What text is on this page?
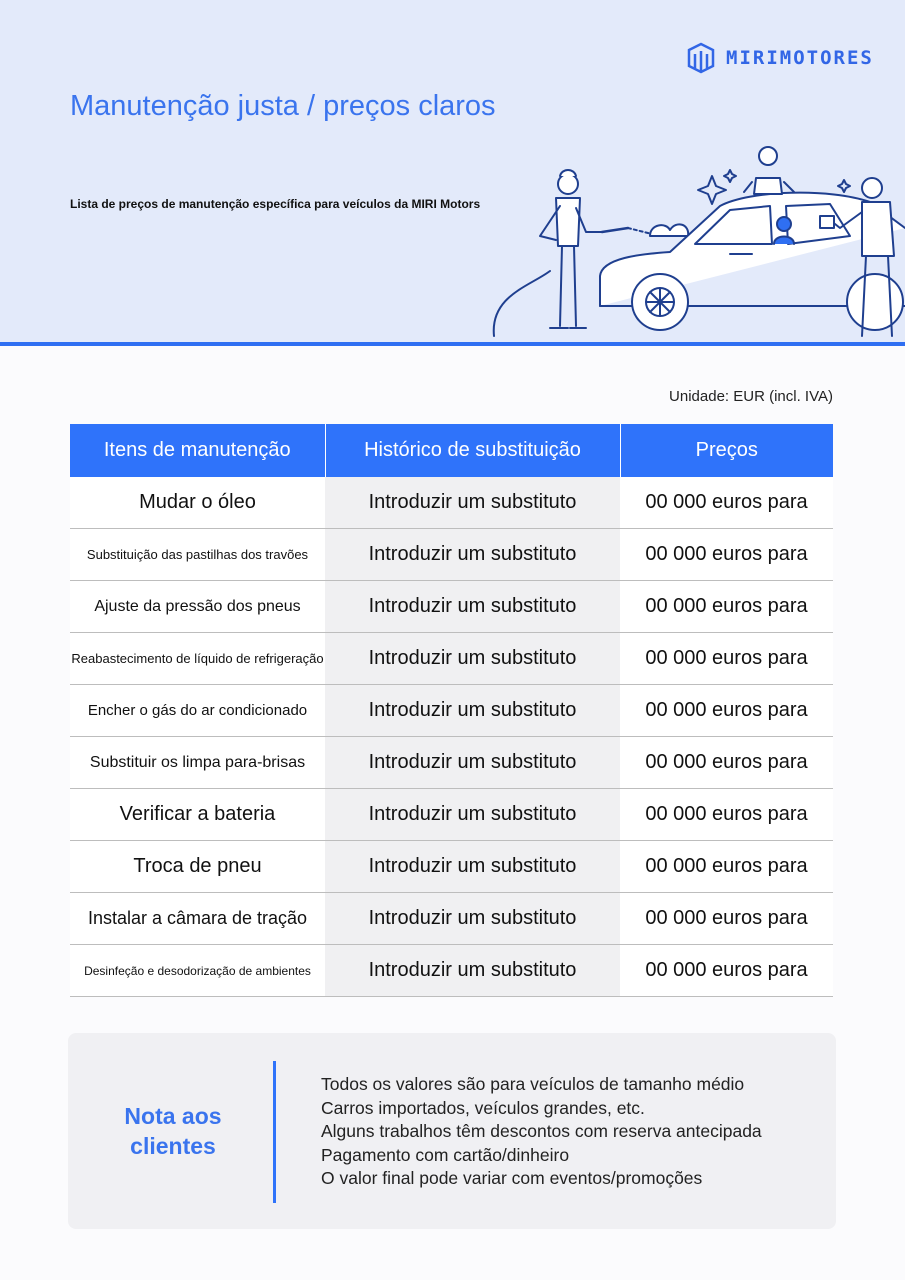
MIRIMOTORES
Manutenção justa / preços claros
Lista de preços de manutenção específica para veículos da MIRI Motors
Unidade: EUR (incl. IVA)
Itens de manutenção	Histórico de substituição	Preços
Mudar o óleo	Introduzir um substituto	00 000 euros para
Substituição das pastilhas dos travões	Introduzir um substituto	00 000 euros para
Ajuste da pressão dos pneus	Introduzir um substituto	00 000 euros para
Reabastecimento de líquido de refrigeração	Introduzir um substituto	00 000 euros para
Encher o gás do ar condicionado	Introduzir um substituto	00 000 euros para
Substituir os limpa para-brisas	Introduzir um substituto	00 000 euros para
Verificar a bateria	Introduzir um substituto	00 000 euros para
Troca de pneu	Introduzir um substituto	00 000 euros para
Instalar a câmara de tração	Introduzir um substituto	00 000 euros para
Desinfeção e desodorização de ambientes	Introduzir um substituto	00 000 euros para
Nota aos
clientes
Todos os valores são para veículos de tamanho médio
Carros importados, veículos grandes, etc.
Alguns trabalhos têm descontos com reserva antecipada
Pagamento com cartão/dinheiro
O valor final pode variar com eventos/promoções
